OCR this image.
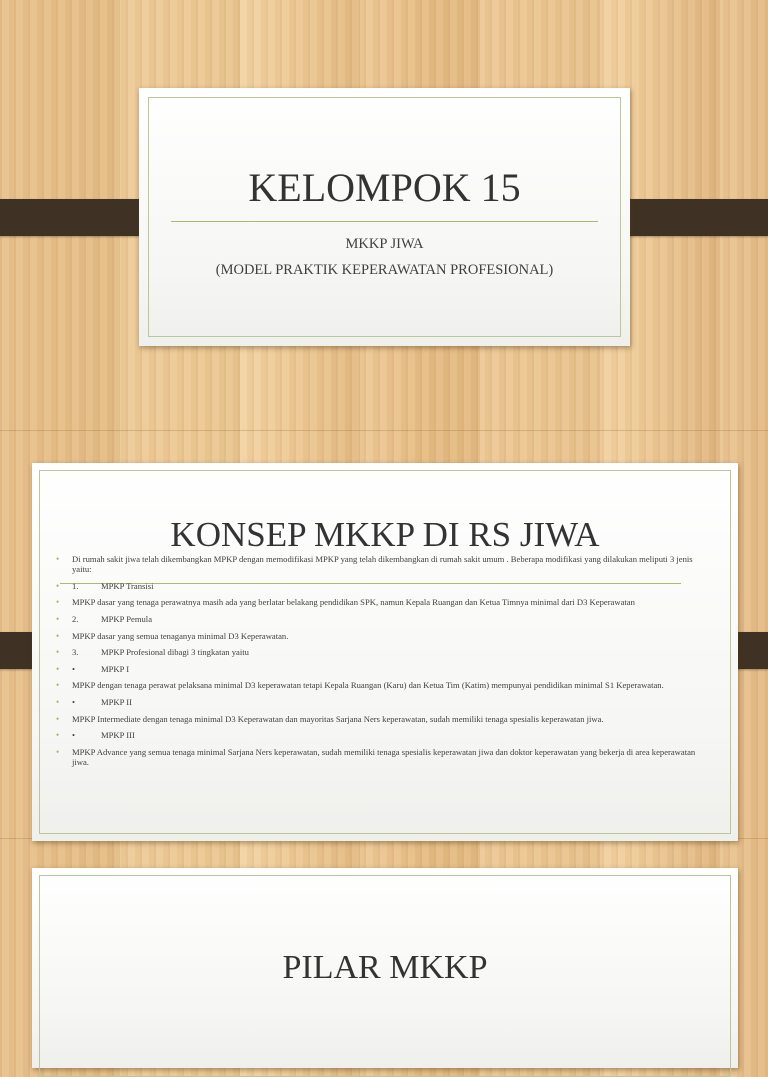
KELOMPOK 15
MKKP JIWA
(MODEL PRAKTIK KEPERAWATAN PROFESIONAL)
KONSEP MKKP DI RS JIWA
• Di rumah sakit jiwa telah dikembangkan MPKP dengan memodifikasi MPKP yang telah dikembangkan di rumah sakit umum . Beberapa modifikasi yang dilakukan meliputi 3 jenis yaitu:
• 1.	MPKP Transisi
• MPKP dasar yang tenaga perawatnya masih ada yang berlatar belakang pendidikan SPK, namun Kepala Ruangan dan Ketua Timnya minimal dari D3 Keperawatan
• 2.	MPKP Pemula
• MPKP dasar yang semua tenaganya minimal D3 Keperawatan.
• 3.	MPKP Profesional dibagi 3 tingkatan yaitu
• •	MPKP I
• MPKP dengan tenaga perawat pelaksana minimal D3 keperawatan tetapi Kepala Ruangan (Karu) dan Ketua Tim (Katim) mempunyai pendidikan minimal S1 Keperawatan.
• •	MPKP II
• MPKP Intermediate dengan tenaga minimal D3 Keperawatan dan mayoritas Sarjana Ners keperawatan, sudah memiliki tenaga spesialis keperawatan jiwa.
• •	MPKP III
• MPKP Advance yang semua tenaga minimal Sarjana Ners keperawatan, sudah memiliki tenaga spesialis keperawatan jiwa dan doktor keperawatan yang bekerja di area keperawatan jiwa.
PILAR MKKP
